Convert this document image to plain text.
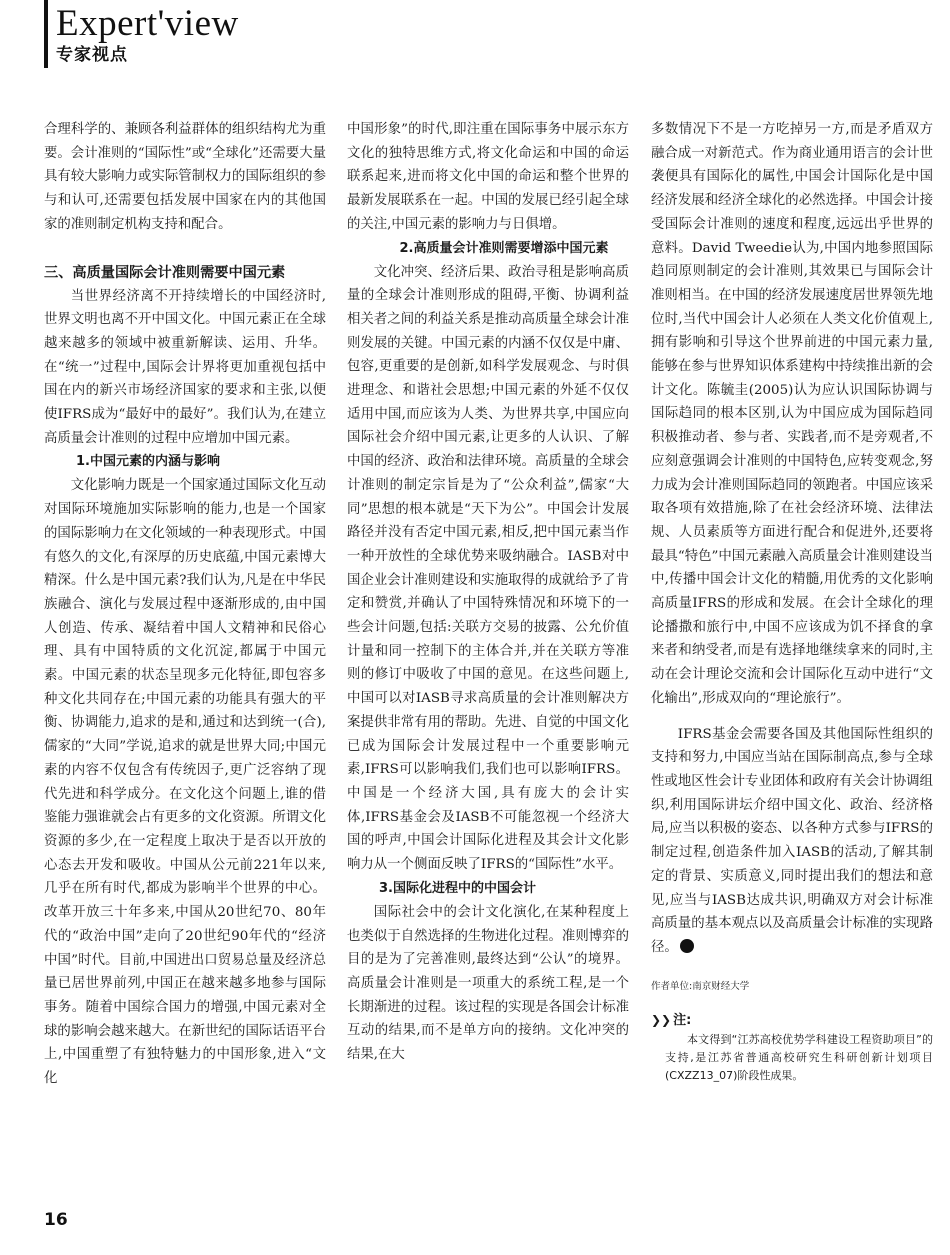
Expert'view
专家视点

合理科学的、兼顾各利益群体的组织结构尤为重要。会计准则的“国际性”或“全球化”还需要大量具有较大影响力或实际管制权力的国际组织的参与和认可,还需要包括发展中国家在内的其他国家的准则制定机构支持和配合。

三、高质量国际会计准则需要中国元素

当世界经济离不开持续增长的中国经济时,世界文明也离不开中国文化。中国元素正在全球越来越多的领域中被重新解读、运用、升华。在“统一”过程中,国际会计界将更加重视包括中国在内的新兴市场经济国家的要求和主张,以便使IFRS成为“最好中的最好”。我们认为,在建立高质量会计准则的过程中应增加中国元素。

1.中国元素的内涵与影响

文化影响力既是一个国家通过国际文化互动对国际环境施加实际影响的能力,也是一个国家的国际影响力在文化领域的一种表现形式。中国有悠久的文化,有深厚的历史底蕴,中国元素博大精深。什么是中国元素?我们认为,凡是在中华民族融合、演化与发展过程中逐渐形成的,由中国人创造、传承、凝结着中国人文精神和民俗心理、具有中国特质的文化沉淀,都属于中国元素。中国元素的状态呈现多元化特征,即包容多种文化共同存在;中国元素的功能具有强大的平衡、协调能力,追求的是和,通过和达到统一(合),儒家的“大同”学说,追求的就是世界大同;中国元素的内容不仅包含有传统因子,更广泛容纳了现代先进和科学成分。在文化这个问题上,谁的借鉴能力强谁就会占有更多的文化资源。所谓文化资源的多少,在一定程度上取决于是否以开放的心态去开发和吸收。中国从公元前221年以来,几乎在所有时代,都成为影响半个世界的中心。改革开放三十年多来,中国从20世纪70、80年代的“政治中国”走向了20世纪90年代的“经济中国”时代。目前,中国进出口贸易总量及经济总量已居世界前列,中国正在越来越多地参与国际事务。随着中国综合国力的增强,中国元素对全球的影响会越来越大。在新世纪的国际话语平台上,中国重塑了有独特魅力的中国形象,进入“文化

中国形象”的时代,即注重在国际事务中展示东方文化的独特思维方式,将文化命运和中国的命运联系起来,进而将文化中国的命运和整个世界的最新发展联系在一起。中国的发展已经引起全球的关注,中国元素的影响力与日俱增。

2.高质量会计准则需要增添中国元素

文化冲突、经济后果、政治寻租是影响高质量的全球会计准则形成的阻碍,平衡、协调利益相关者之间的利益关系是推动高质量全球会计准则发展的关键。中国元素的内涵不仅仅是中庸、包容,更重要的是创新,如科学发展观念、与时俱进理念、和谐社会思想;中国元素的外延不仅仅适用中国,而应该为人类、为世界共享,中国应向国际社会介绍中国元素,让更多的人认识、了解中国的经济、政治和法律环境。高质量的全球会计准则的制定宗旨是为了“公众利益”,儒家“大同”思想的根本就是“天下为公”。中国会计发展路径并没有否定中国元素,相反,把中国元素当作一种开放性的全球优势来吸纳融合。IASB对中国企业会计准则建设和实施取得的成就给予了肯定和赞赏,并确认了中国特殊情况和环境下的一些会计问题,包括:关联方交易的披露、公允价值计量和同一控制下的主体合并,并在关联方等准则的修订中吸收了中国的意见。在这些问题上,中国可以对IASB寻求高质量的会计准则解决方案提供非常有用的帮助。先进、自觉的中国文化已成为国际会计发展过程中一个重要影响元素,IFRS可以影响我们,我们也可以影响IFRS。中国是一个经济大国,具有庞大的会计实体,IFRS基金会及IASB不可能忽视一个经济大国的呼声,中国会计国际化进程及其会计文化影响力从一个侧面反映了IFRS的“国际性”水平。

3.国际化进程中的中国会计

国际社会中的会计文化演化,在某种程度上也类似于自然选择的生物进化过程。准则博弈的目的是为了完善准则,最终达到“公认”的境界。高质量会计准则是一项重大的系统工程,是一个长期渐进的过程。该过程的实现是各国会计标准互动的结果,而不是单方向的接纳。文化冲突的结果,在大

多数情况下不是一方吃掉另一方,而是矛盾双方融合成一对新范式。作为商业通用语言的会计世袭便具有国际化的属性,中国会计国际化是中国经济发展和经济全球化的必然选择。中国会计接受国际会计准则的速度和程度,远远出乎世界的意料。David Tweedie认为,中国内地参照国际趋同原则制定的会计准则,其效果已与国际会计准则相当。在中国的经济发展速度居世界领先地位时,当代中国会计人必须在人类文化价值观上,拥有影响和引导这个世界前进的中国元素力量,能够在参与世界知识体系建构中持续推出新的会计文化。陈毓圭(2005)认为应认识国际协调与国际趋同的根本区别,认为中国应成为国际趋同积极推动者、参与者、实践者,而不是旁观者,不应刻意强调会计准则的中国特色,应转变观念,努力成为会计准则国际趋同的领跑者。中国应该采取各项有效措施,除了在社会经济环境、法律法规、人员素质等方面进行配合和促进外,还要将最具“特色”中国元素融入高质量会计准则建设当中,传播中国会计文化的精髓,用优秀的文化影响高质量IFRS的形成和发展。在会计全球化的理论播撒和旅行中,中国不应该成为饥不择食的拿来者和纳受者,而是有选择地继续拿来的同时,主动在会计理论交流和会计国际化互动中进行“文化输出”,形成双向的“理论旅行”。

IFRS基金会需要各国及其他国际性组织的支持和努力,中国应当站在国际制高点,参与全球性或地区性会计专业团体和政府有关会计协调组织,利用国际讲坛介绍中国文化、政治、经济格局,应当以积极的姿态、以各种方式参与IFRS的制定过程,创造条件加入IASB的活动,了解其制定的背景、实质意义,同时提出我们的想法和意见,应当与IASB达成共识,明确双方对会计标准高质量的基本观点以及高质量会计标准的实现路径。

作者单位:南京财经大学
❯❯ 注:

本文得到“江苏高校优势学科建设工程资助项目”的支持,是江苏省普通高校研究生科研创新计划项目(CXZZ13_07)阶段性成果。

16
